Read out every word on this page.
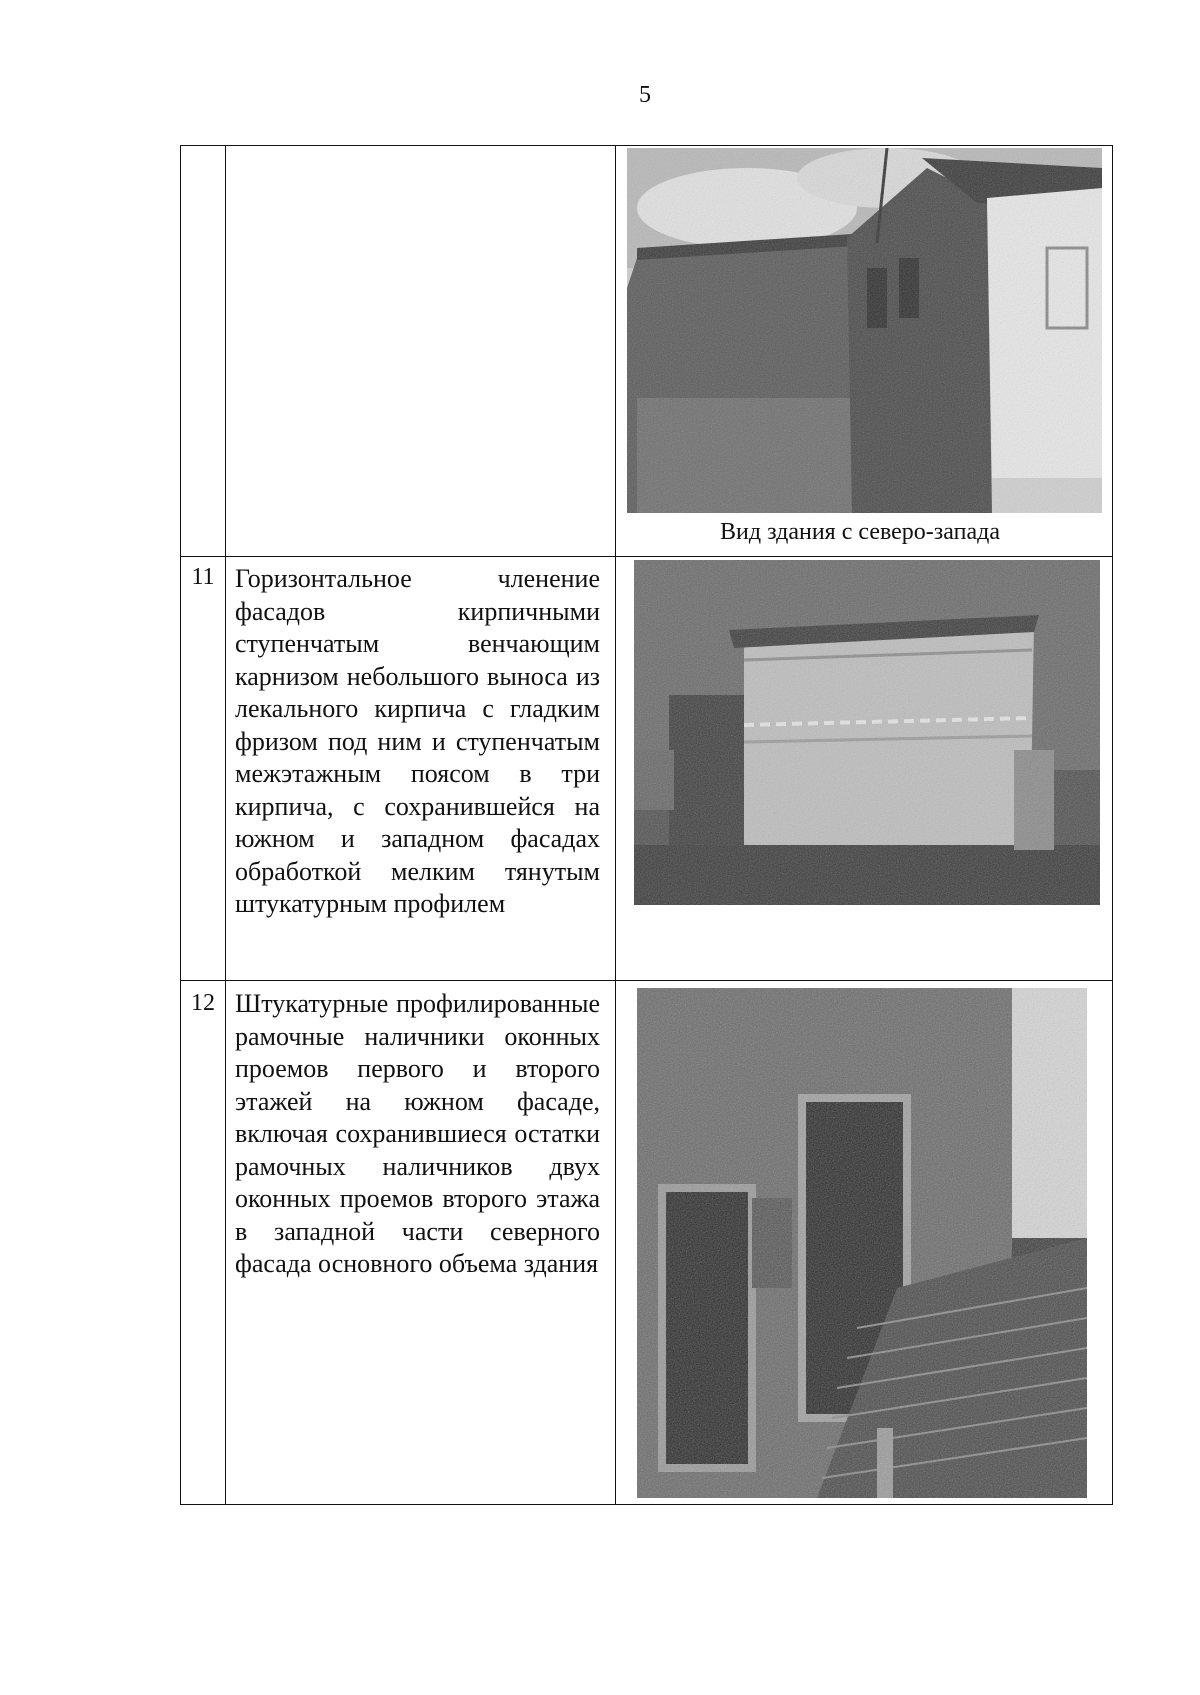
5
Вид здания с северо-запада
11 Горизонтальное членение фасадов кирпичными ступенчатым венчающим карнизом небольшого выноса из лекального кирпича с гладким фризом под ним и ступенчатым межэтажным поясом в три кирпича, с сохранившейся на южном и западном фасадах обработкой мелким тянутым штукатурным профилем
12 Штукатурные профилированные рамочные наличники оконных проемов первого и второго этажей на южном фасаде, включая сохранившиеся остатки рамочных наличников двух оконных проемов второго этажа в западной части северного фасада основного объема здания
